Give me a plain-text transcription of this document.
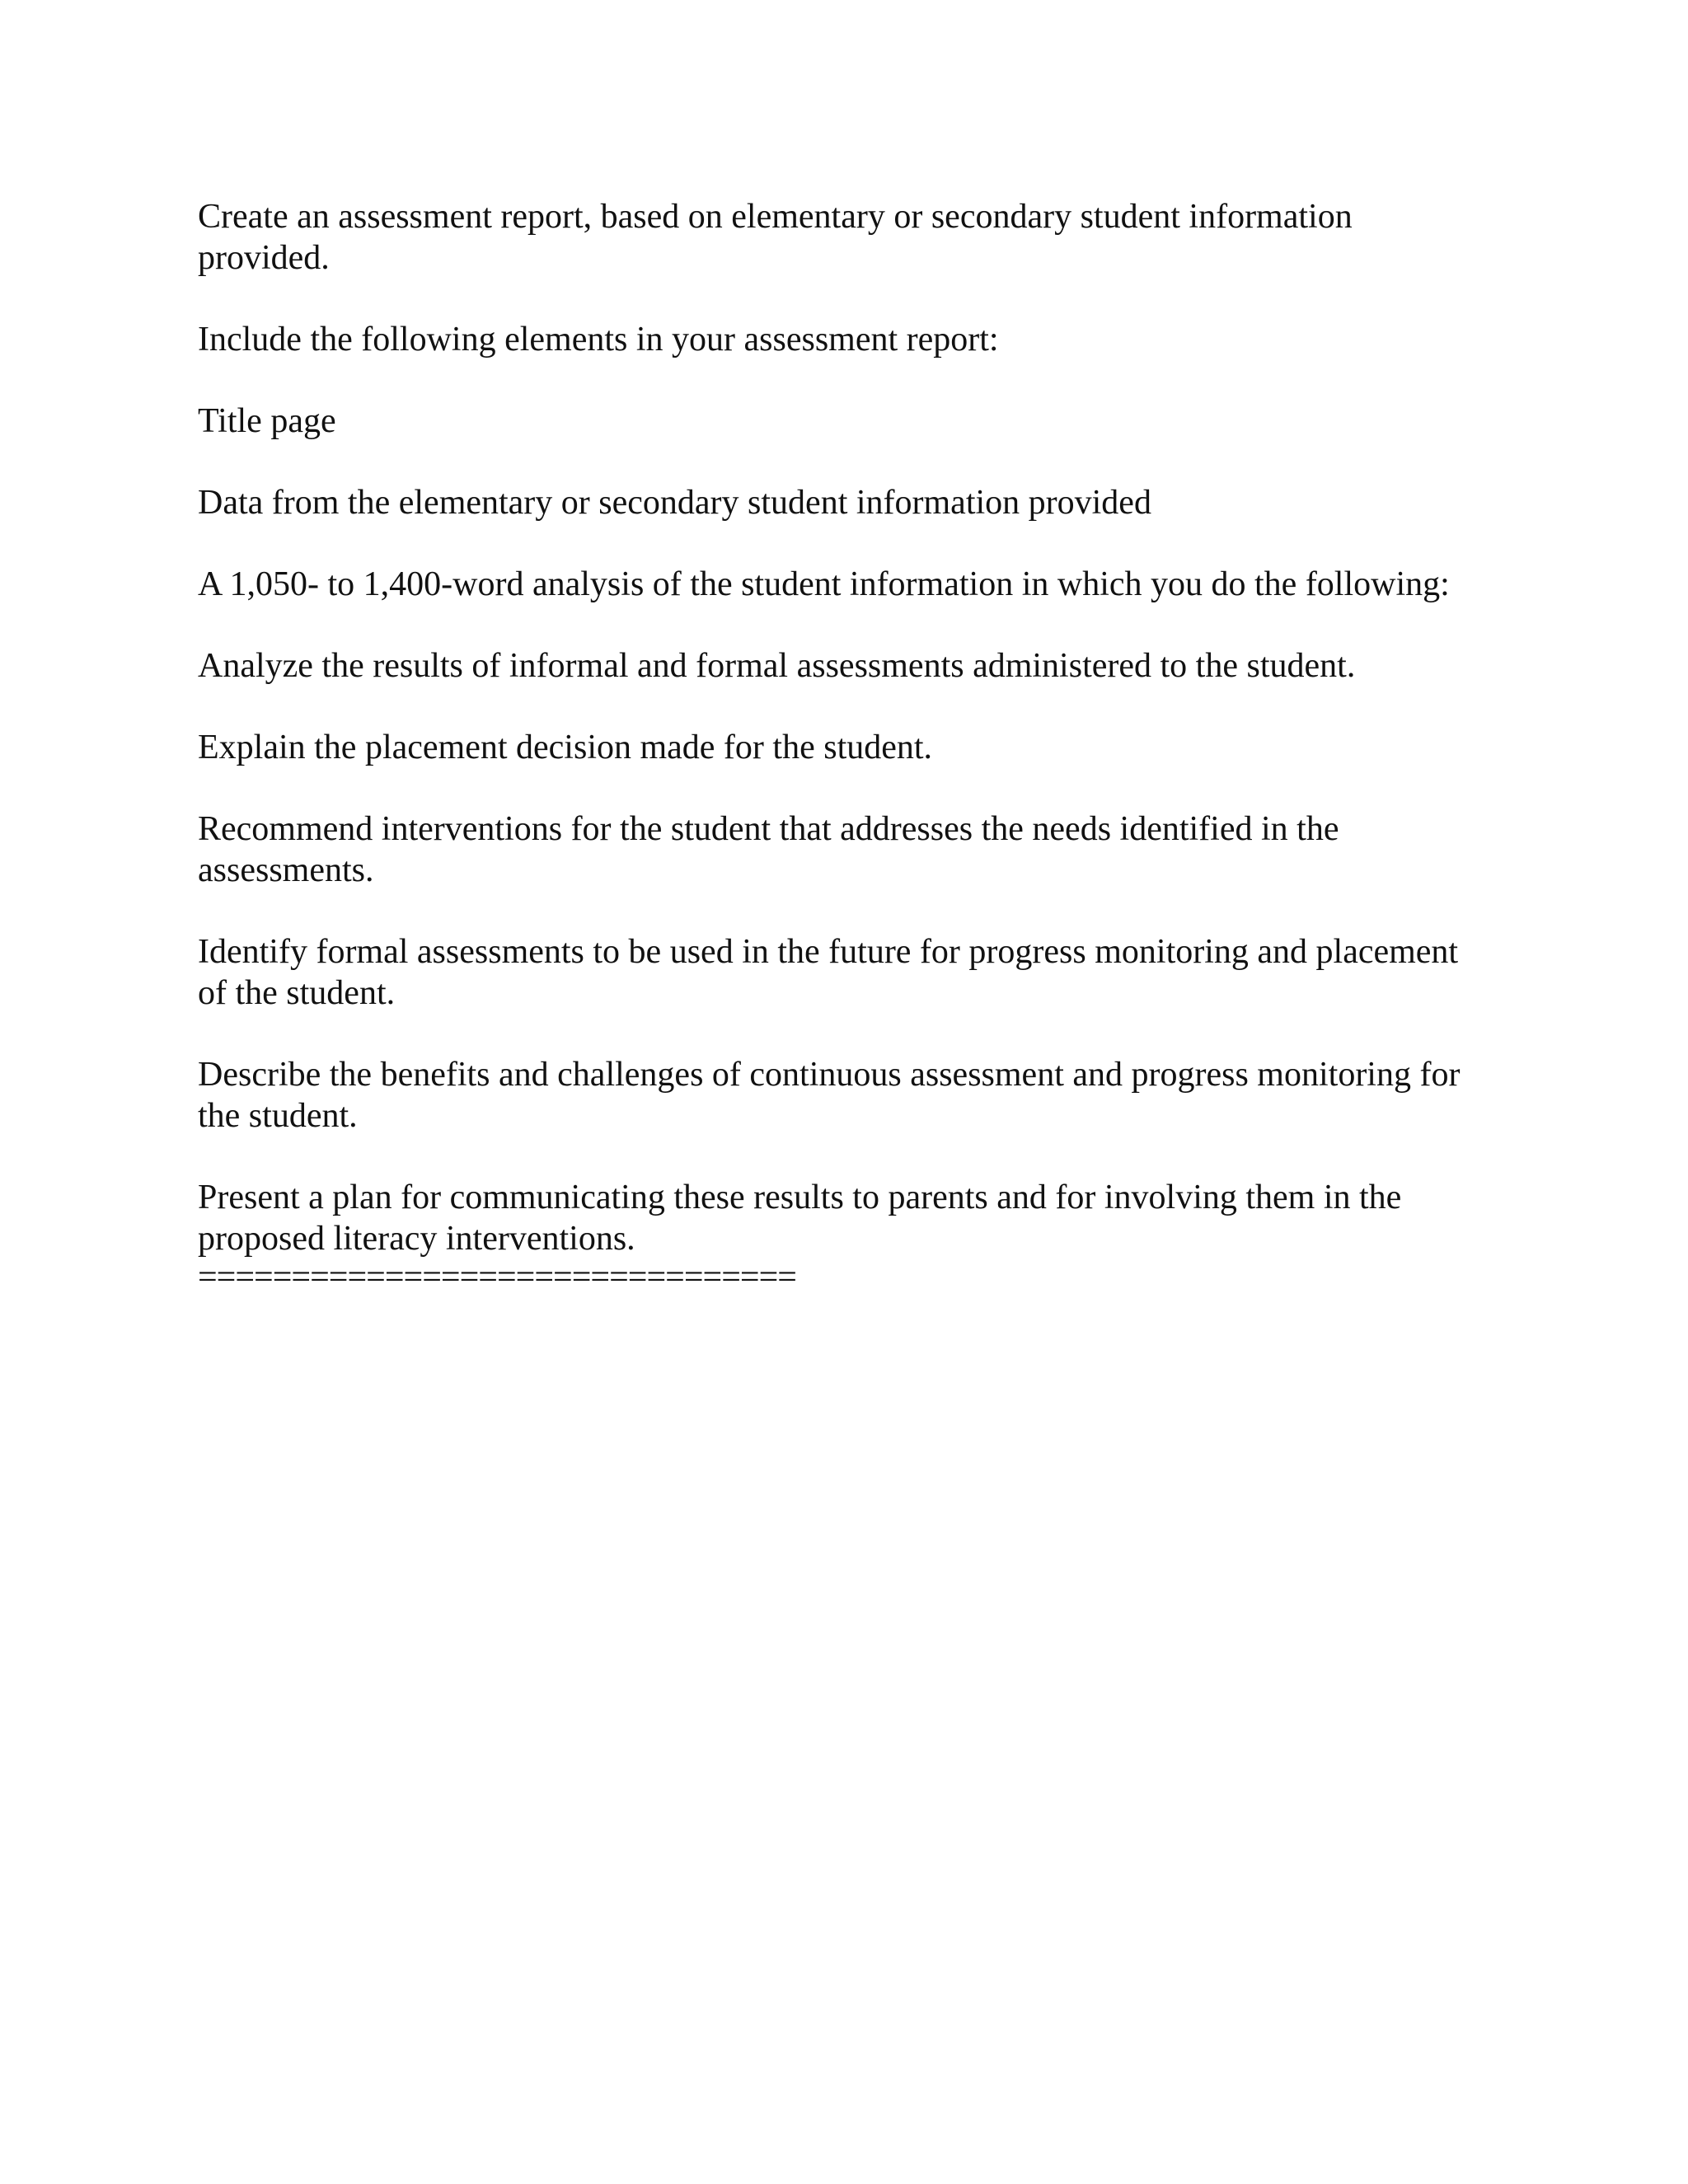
Create an assessment report, based on elementary or secondary student information provided.

Include the following elements in your assessment report:

Title page

Data from the elementary or secondary student information provided

A 1,050- to 1,400-word analysis of the student information in which you do the following:

Analyze the results of informal and formal assessments administered to the student.

Explain the placement decision made for the student.

Recommend interventions for the student that addresses the needs identified in the assessments.

Identify formal assessments to be used in the future for progress monitoring and placement of the student.

Describe the benefits and challenges of continuous assessment and progress monitoring for the student.

Present a plan for communicating these results to parents and for involving them in the proposed literacy interventions.

================================
